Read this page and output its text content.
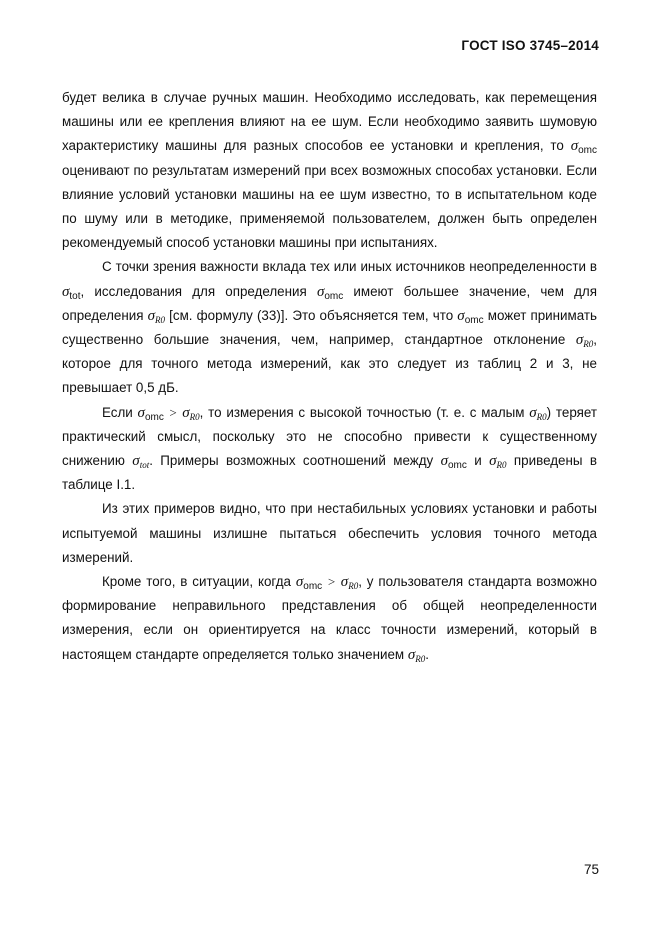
ГОСТ ISO 3745–2014

будет велика в случае ручных машин. Необходимо исследовать, как перемещения машины или ее крепления влияют на ее шум. Если необходимо заявить шумовую характеристику машины для разных способов ее установки и крепления, то $\sigma_{omc}$ оценивают по результатам измерений при всех возможных способах установки. Если влияние условий установки машины на ее шум известно, то в испытательном коде по шуму или в методике, применяемой пользователем, должен быть определен рекомендуемый способ установки машины при испытаниях.

С точки зрения важности вклада тех или иных источников неопределенности в $\sigma_{tot}$, исследования для определения $\sigma_{omc}$ имеют большее значение, чем для определения $\sigma_{R0}$ [см. формулу (33)]. Это объясняется тем, что $\sigma_{omc}$ может принимать существенно большие значения, чем, например, стандартное отклонение $\sigma_{R0}$, которое для точного метода измерений, как это следует из таблиц 2 и 3, не превышает 0,5 дБ.

Если $\sigma_{omc} > \sigma_{R0}$, то измерения с высокой точностью (т. е. с малым $\sigma_{R0}$) теряет практический смысл, поскольку это не способно привести к существенному снижению $\sigma_{tot}$. Примеры возможных соотношений между $\sigma_{omc}$ и $\sigma_{R0}$ приведены в таблице I.1.

Из этих примеров видно, что при нестабильных условиях установки и работы испытуемой машины излишне пытаться обеспечить условия точного метода измерений.

Кроме того, в ситуации, когда $\sigma_{omc} > \sigma_{R0}$, у пользователя стандарта возможно формирование неправильного представления об общей неопределенности измерения, если он ориентируется на класс точности измерений, который в настоящем стандарте определяется только значением $\sigma_{R0}$.

75
